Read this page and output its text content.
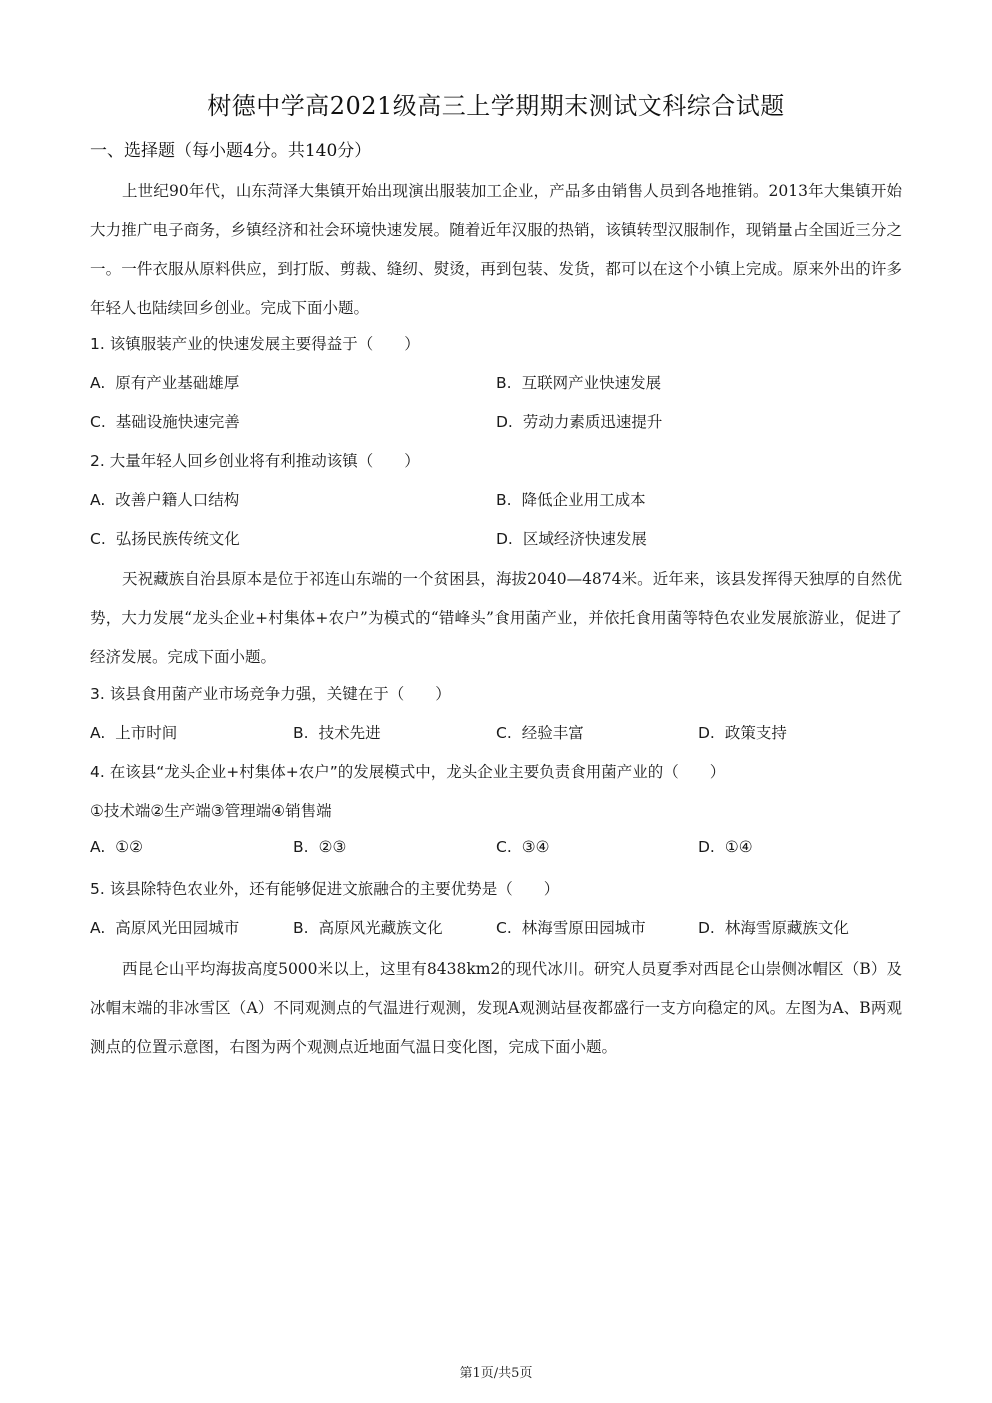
树德中学高2021级高三上学期期末测试文科综合试题
一、选择题（每小题4分。共140分）

上世纪90年代，山东菏泽大集镇开始出现演出服装加工企业，产品多由销售人员到各地推销。2013年大集镇开始大力推广电子商务，乡镇经济和社会环境快速发展。随着近年汉服的热销，该镇转型汉服制作，现销量占全国近三分之一。一件衣服从原料供应，到打版、剪裁、缝纫、熨烫，再到包装、发货，都可以在这个小镇上完成。原来外出的许多年轻人也陆续回乡创业。完成下面小题。

1. 该镇服装产业的快速发展主要得益于（　　）
A. 原有产业基础雄厚	B. 互联网产业快速发展
C. 基础设施快速完善	D. 劳动力素质迅速提升
2. 大量年轻人回乡创业将有利推动该镇（　　）
A. 改善户籍人口结构	B. 降低企业用工成本
C. 弘扬民族传统文化	D. 区域经济快速发展

天祝藏族自治县原本是位于祁连山东端的一个贫困县，海拔2040—4874米。近年来，该县发挥得天独厚的自然优势，大力发展“龙头企业+村集体+农户”为模式的“错峰头”食用菌产业，并依托食用菌等特色农业发展旅游业，促进了经济发展。完成下面小题。

3. 该县食用菌产业市场竞争力强，关键在于（　　）
A. 上市时间	B. 技术先进	C. 经验丰富	D. 政策支持
4. 在该县“龙头企业+村集体+农户”的发展模式中，龙头企业主要负责食用菌产业的（　　）
①技术端②生产端③管理端④销售端
A. ①②	B. ②③	C. ③④	D. ①④
5. 该县除特色农业外，还有能够促进文旅融合的主要优势是（　　）
A. 高原风光田园城市	B. 高原风光藏族文化	C. 林海雪原田园城市	D. 林海雪原藏族文化

西昆仑山平均海拔高度5000米以上，这里有8438km2的现代冰川。研究人员夏季对西昆仑山崇侧冰帽区（B）及冰帽末端的非冰雪区（A）不同观测点的气温进行观测，发现A观测站昼夜都盛行一支方向稳定的风。左图为A、B两观测点的位置示意图，右图为两个观测点近地面气温日变化图，完成下面小题。

第1页/共5页
